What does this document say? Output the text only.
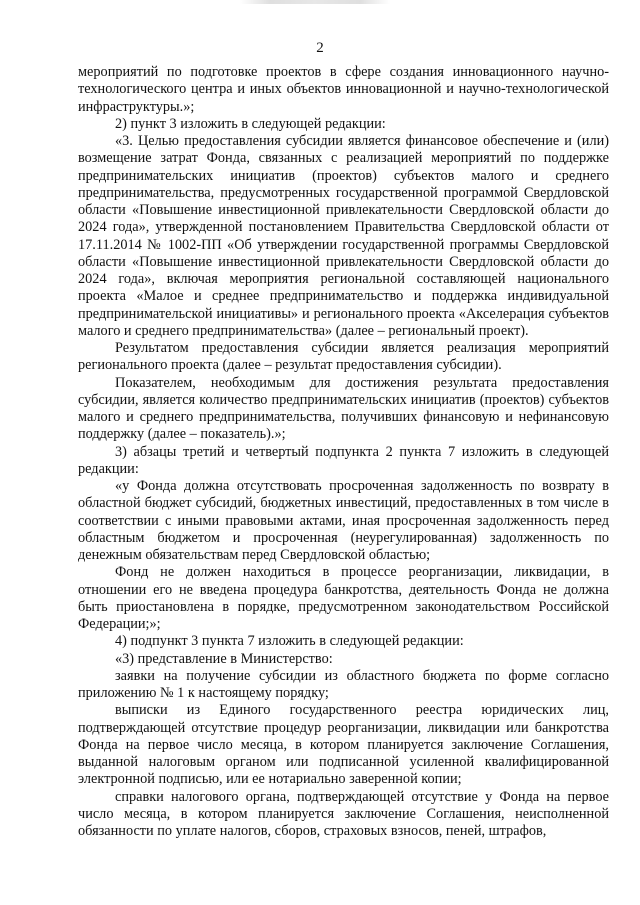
2

мероприятий по подготовке проектов в сфере создания инновационного научно-технологического центра и иных объектов инновационной и научно-технологической инфраструктуры.»;

2) пункт 3 изложить в следующей редакции:

«3. Целью предоставления субсидии является финансовое обеспечение и (или) возмещение затрат Фонда, связанных с реализацией мероприятий по поддержке предпринимательских инициатив (проектов) субъектов малого и среднего предпринимательства, предусмотренных государственной программой Свердловской области «Повышение инвестиционной привлекательности Свердловской области до 2024 года», утвержденной постановлением Правительства Свердловской области от 17.11.2014 № 1002-ПП «Об утверждении государственной программы Свердловской области «Повышение инвестиционной привлекательности Свердловской области до 2024 года», включая мероприятия региональной составляющей национального проекта «Малое и среднее предпринимательство и поддержка индивидуальной предпринимательской инициативы» и регионального проекта «Акселерация субъектов малого и среднего предпринимательства» (далее – региональный проект).

Результатом предоставления субсидии является реализация мероприятий регионального проекта (далее – результат предоставления субсидии).

Показателем, необходимым для достижения результата предоставления субсидии, является количество предпринимательских инициатив (проектов) субъектов малого и среднего предпринимательства, получивших финансовую и нефинансовую поддержку (далее – показатель).»;

3) абзацы третий и четвертый подпункта 2 пункта 7 изложить в следующей редакции:

«у Фонда должна отсутствовать просроченная задолженность по возврату в областной бюджет субсидий, бюджетных инвестиций, предоставленных в том числе в соответствии с иными правовыми актами, иная просроченная задолженность перед областным бюджетом и просроченная (неурегулированная) задолженность по денежным обязательствам перед Свердловской областью;

Фонд не должен находиться в процессе реорганизации, ликвидации, в отношении его не введена процедура банкротства, деятельность Фонда не должна быть приостановлена в порядке, предусмотренном законодательством Российской Федерации;»;

4) подпункт 3 пункта 7 изложить в следующей редакции:

«3) представление в Министерство:

заявки на получение субсидии из областного бюджета по форме согласно приложению № 1 к настоящему порядку;

выписки из Единого государственного реестра юридических лиц, подтверждающей отсутствие процедур реорганизации, ликвидации или банкротства Фонда на первое число месяца, в котором планируется заключение Соглашения, выданной налоговым органом или подписанной усиленной квалифицированной электронной подписью, или ее нотариально заверенной копии;

справки налогового органа, подтверждающей отсутствие у Фонда на первое число месяца, в котором планируется заключение Соглашения, неисполненной обязанности по уплате налогов, сборов, страховых взносов, пеней, штрафов,
